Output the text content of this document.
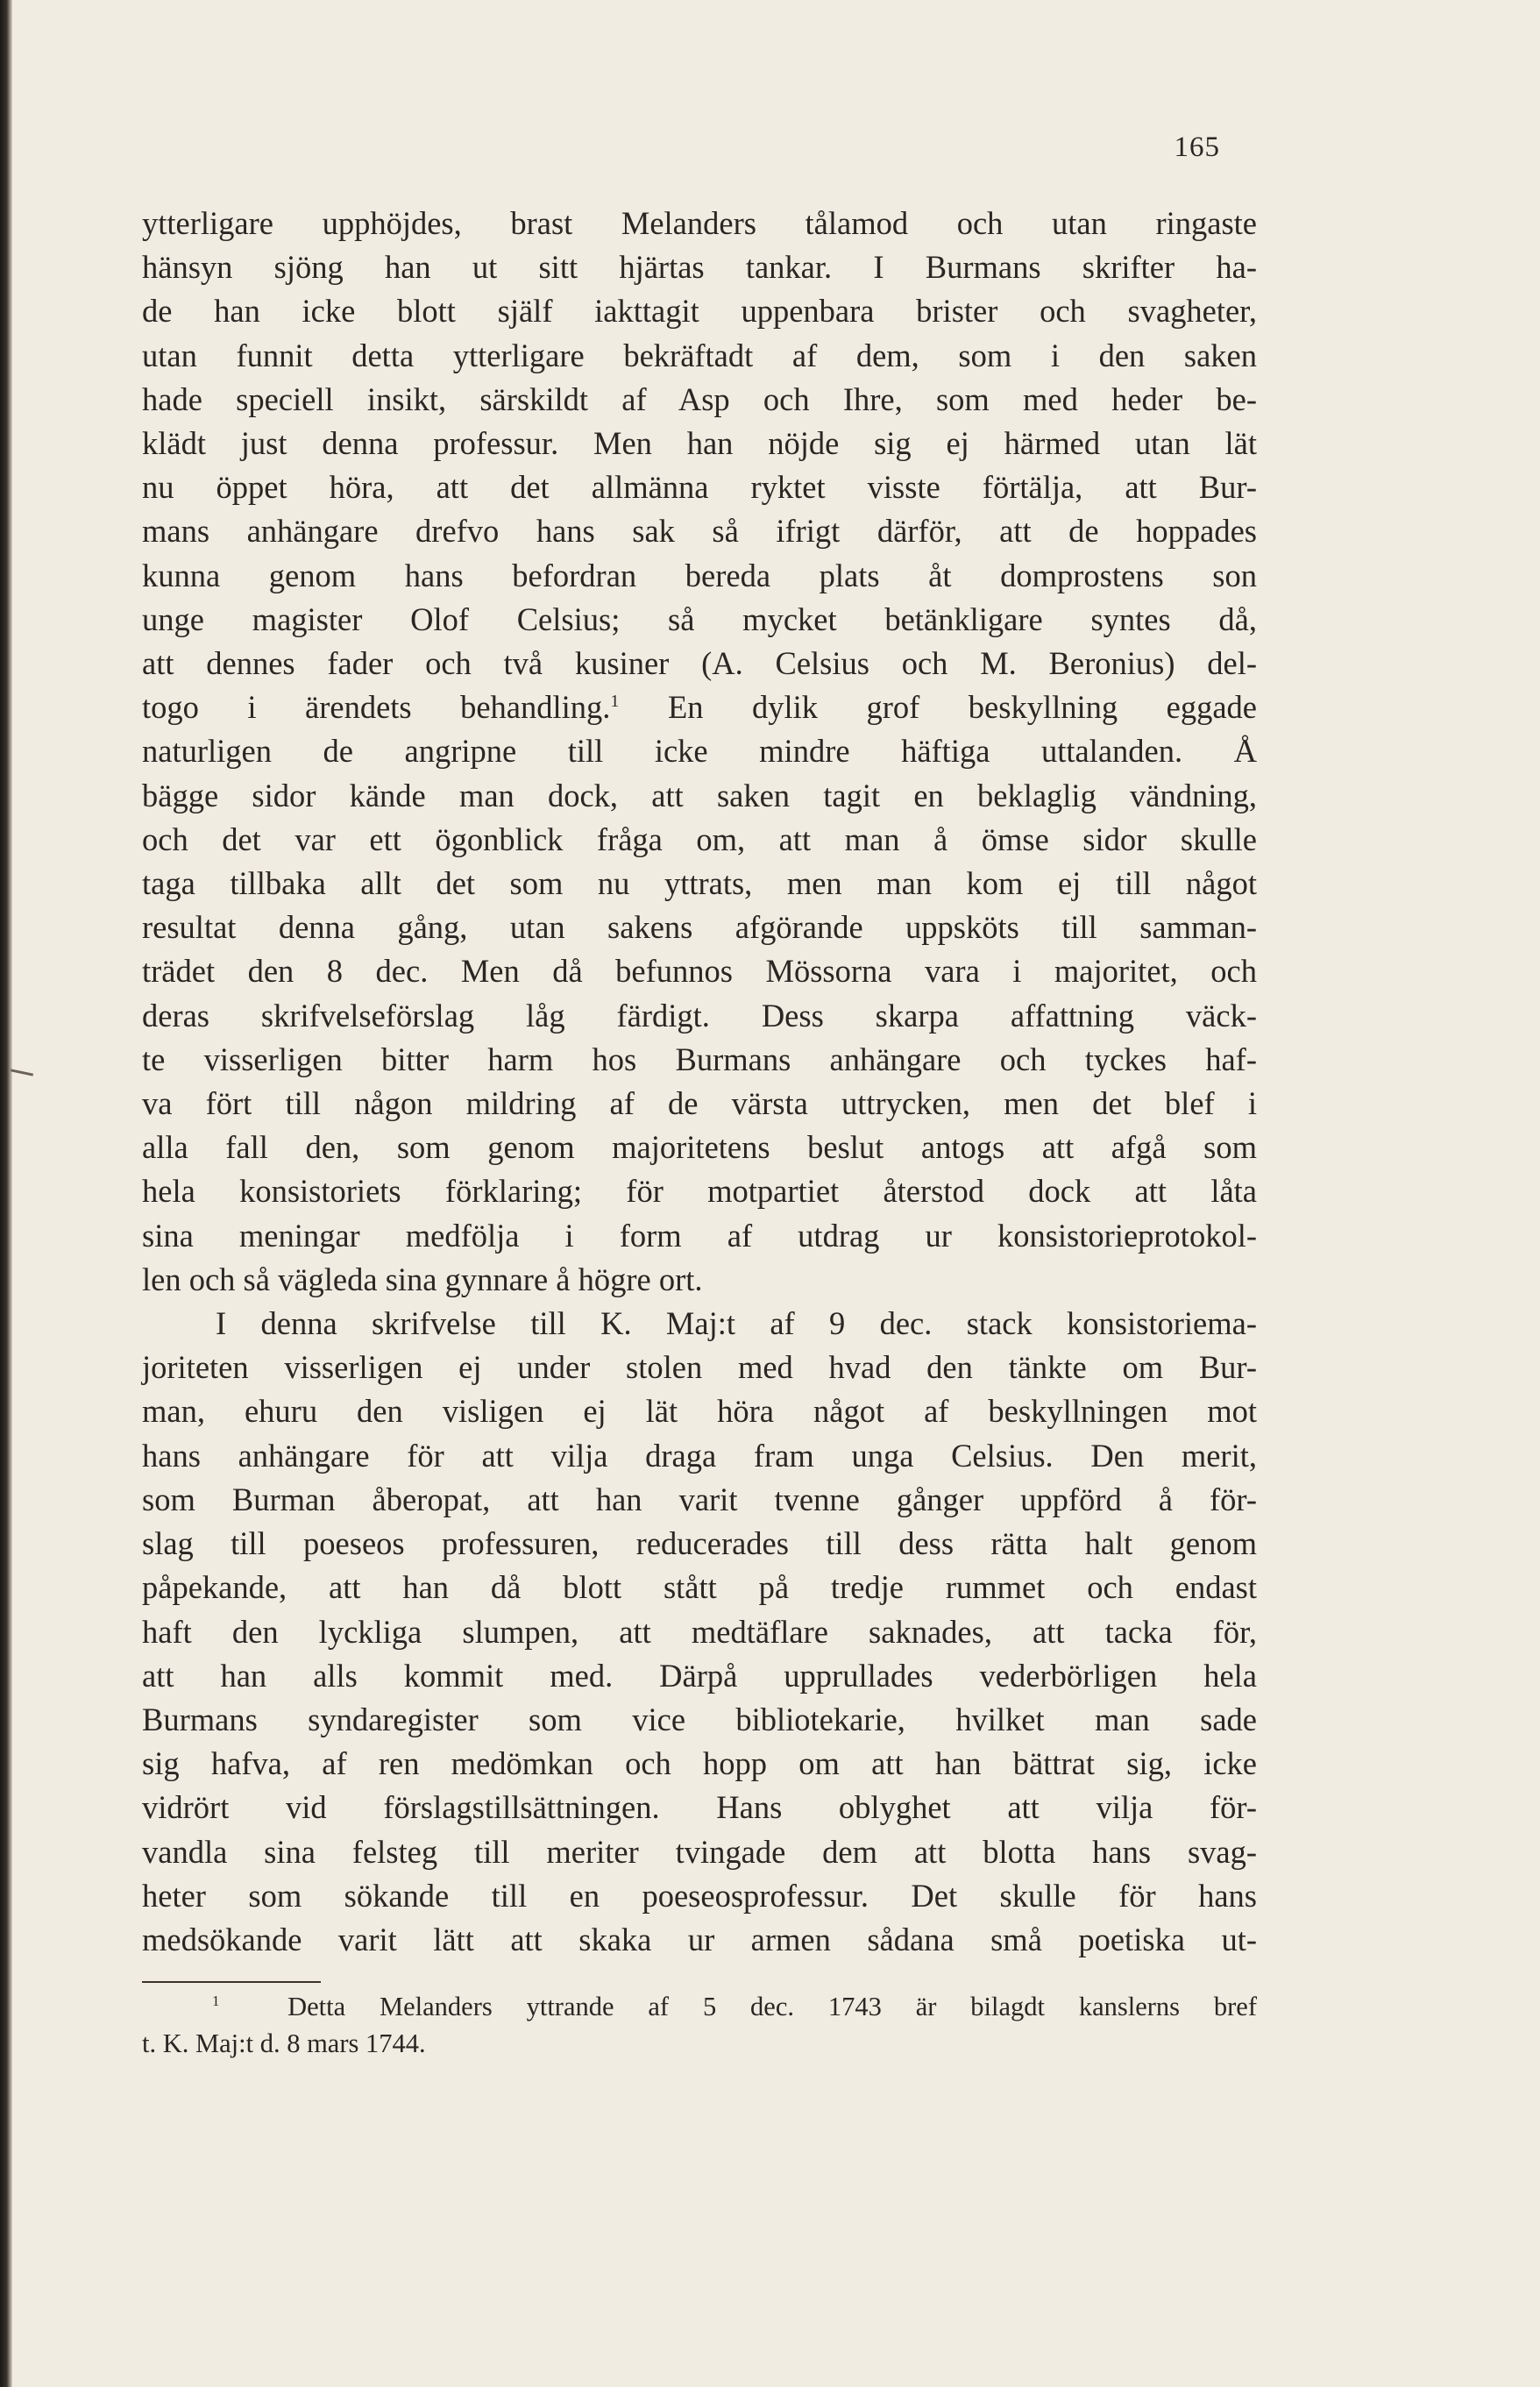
165
ytterligare upphöjdes, brast Melanders tålamod och utan ringaste
hänsyn sjöng han ut sitt hjärtas tankar. I Burmans skrifter ha-
de han icke blott själf iakttagit uppenbara brister och svagheter,
utan funnit detta ytterligare bekräftadt af dem, som i den saken
hade speciell insikt, särskildt af Asp och Ihre, som med heder be-
klädt just denna professur. Men han nöjde sig ej härmed utan lät
nu öppet höra, att det allmänna ryktet visste förtälja, att Bur-
mans anhängare drefvo hans sak så ifrigt därför, att de hoppades
kunna genom hans befordran bereda plats åt domprostens son
unge magister Olof Celsius; så mycket betänkligare syntes då,
att dennes fader och två kusiner (A. Celsius och M. Beronius) del-
togo i ärendets behandling.$^1$ En dylik grof beskyllning eggade
naturligen de angripne till icke mindre häftiga uttalanden. Å
bägge sidor kände man dock, att saken tagit en beklaglig vändning,
och det var ett ögonblick fråga om, att man å ömse sidor skulle
taga tillbaka allt det som nu yttrats, men man kom ej till något
resultat denna gång, utan sakens afgörande uppsköts till samman-
trädet den 8 dec. Men då befunnos Mössorna vara i majoritet, och
deras skrifvelseförslag låg färdigt. Dess skarpa affattning väck-
te visserligen bitter harm hos Burmans anhängare och tyckes haf-
va fört till någon mildring af de värsta uttrycken, men det blef i
alla fall den, som genom majoritetens beslut antogs att afgå som
hela konsistoriets förklaring; för motpartiet återstod dock att låta
sina meningar medfölja i form af utdrag ur konsistorieprotokol-
len och så vägleda sina gynnare å högre ort.
I denna skrifvelse till K. Maj:t af 9 dec. stack konsistoriema-
joriteten visserligen ej under stolen med hvad den tänkte om Bur-
man, ehuru den visligen ej lät höra något af beskyllningen mot
hans anhängare för att vilja draga fram unga Celsius. Den merit,
som Burman åberopat, att han varit tvenne gånger uppförd å för-
slag till poeseos professuren, reducerades till dess rätta halt genom
påpekande, att han då blott stått på tredje rummet och endast
haft den lyckliga slumpen, att medtäflare saknades, att tacka för,
att han alls kommit med. Därpå upprullades vederbörligen hela
Burmans syndaregister som vice bibliotekarie, hvilket man sade
sig hafva, af ren medömkan och hopp om att han bättrat sig, icke
vidrört vid förslagstillsättningen. Hans oblyghet att vilja för-
vandla sina felsteg till meriter tvingade dem att blotta hans svag-
heter som sökande till en poeseosprofessur. Det skulle för hans
medsökande varit lätt att skaka ur armen sådana små poetiska ut-
$^1$	Detta Melanders yttrande af 5 dec. 1743 är bilagdt kanslerns bref
t. K. Maj:t d. 8 mars 1744.
